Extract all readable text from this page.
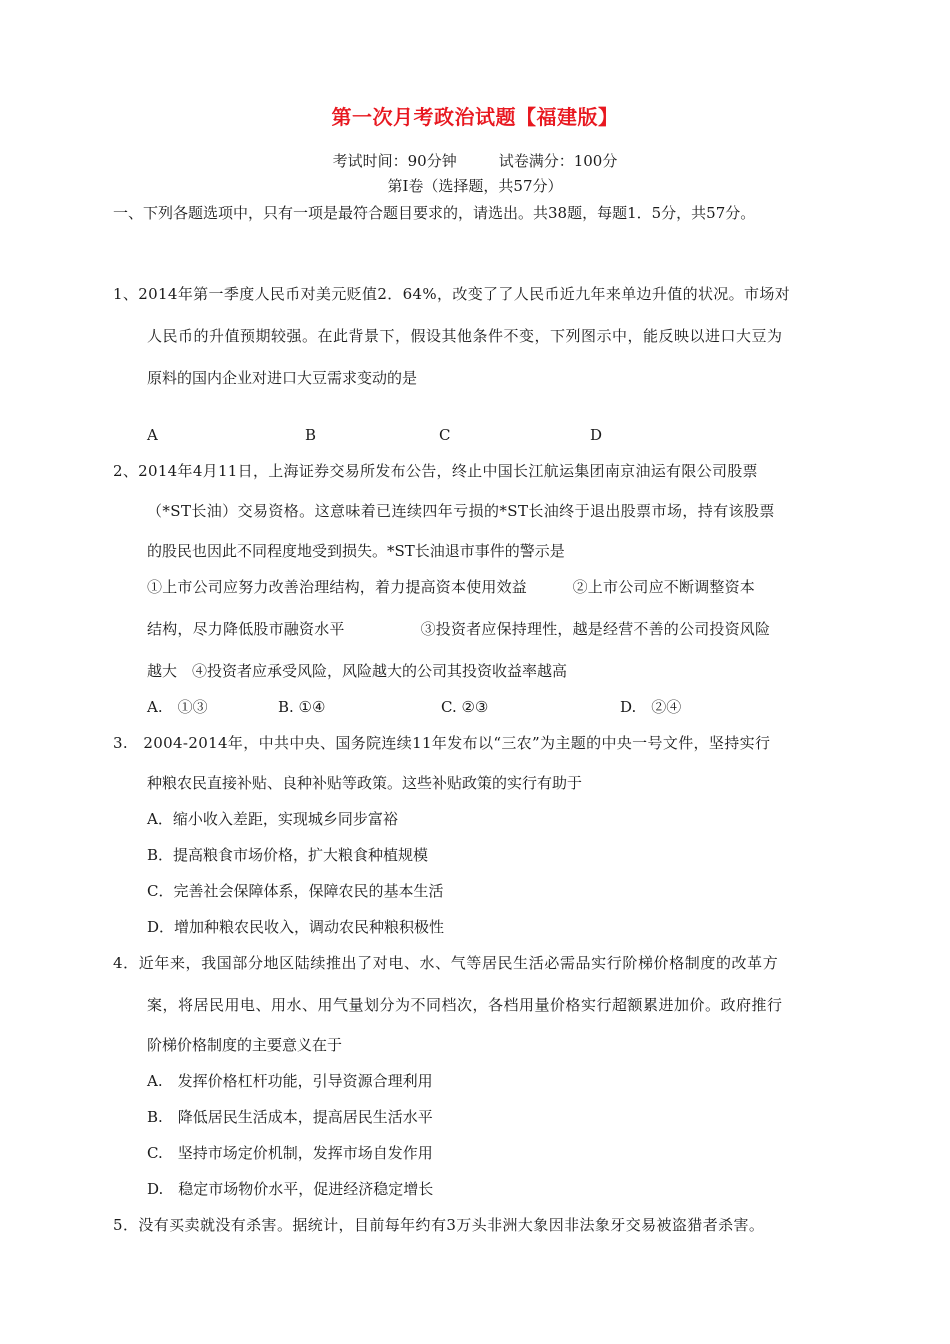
第一次月考政治试题【福建版】
考试时间：90分钟	试卷满分：100分
第Ⅰ卷（选择题，共57分）
一、下列各题选项中，只有一项是最符合题目要求的，请选出。共38题，每题1．5分，共57分。
1、2014年第一季度人民币对美元贬值2．64%，改变了了人民币近九年来单边升值的状况。市场对
人民币的升值预期较强。在此背景下，假设其他条件不变，下列图示中，能反映以进口大豆为
原料的国内企业对进口大豆需求变动的是
A	B	C	D
2、2014年4月11日，上海证券交易所发布公告，终止中国长江航运集团南京油运有限公司股票
（*ST长油）交易资格。这意味着已连续四年亏损的*ST长油终于退出股票市场，持有该股票
的股民也因此不同程度地受到损失。*ST长油退市事件的警示是
①上市公司应努力改善治理结构，着力提高资本使用效益　　　②上市公司应不断调整资本
结构，尽力降低股市融资水平　　　　　③投资者应保持理性，越是经营不善的公司投资风险
越大　④投资者应承受风险，风险越大的公司其投资收益率越高
A.　①③	B. ①④	C. ②③	D.　②④
3.　2004-2014年，中共中央、国务院连续11年发布以“三农”为主题的中央一号文件，坚持实行
种粮农民直接补贴、良种补贴等政策。这些补贴政策的实行有助于
A．缩小收入差距，实现城乡同步富裕
B．提高粮食市场价格，扩大粮食种植规模
C．完善社会保障体系，保障农民的基本生活
D．增加种粮农民收入，调动农民种粮积极性
4．近年来，我国部分地区陆续推出了对电、水、气等居民生活必需品实行阶梯价格制度的改革方
案，将居民用电、用水、用气量划分为不同档次，各档用量价格实行超额累进加价。政府推行
阶梯价格制度的主要意义在于
A.　发挥价格杠杆功能，引导资源合理利用
B.　降低居民生活成本，提高居民生活水平
C.　坚持市场定价机制，发挥市场自发作用
D.　稳定市场物价水平，促进经济稳定增长
5．没有买卖就没有杀害。据统计，目前每年约有3万头非洲大象因非法象牙交易被盗猎者杀害。
